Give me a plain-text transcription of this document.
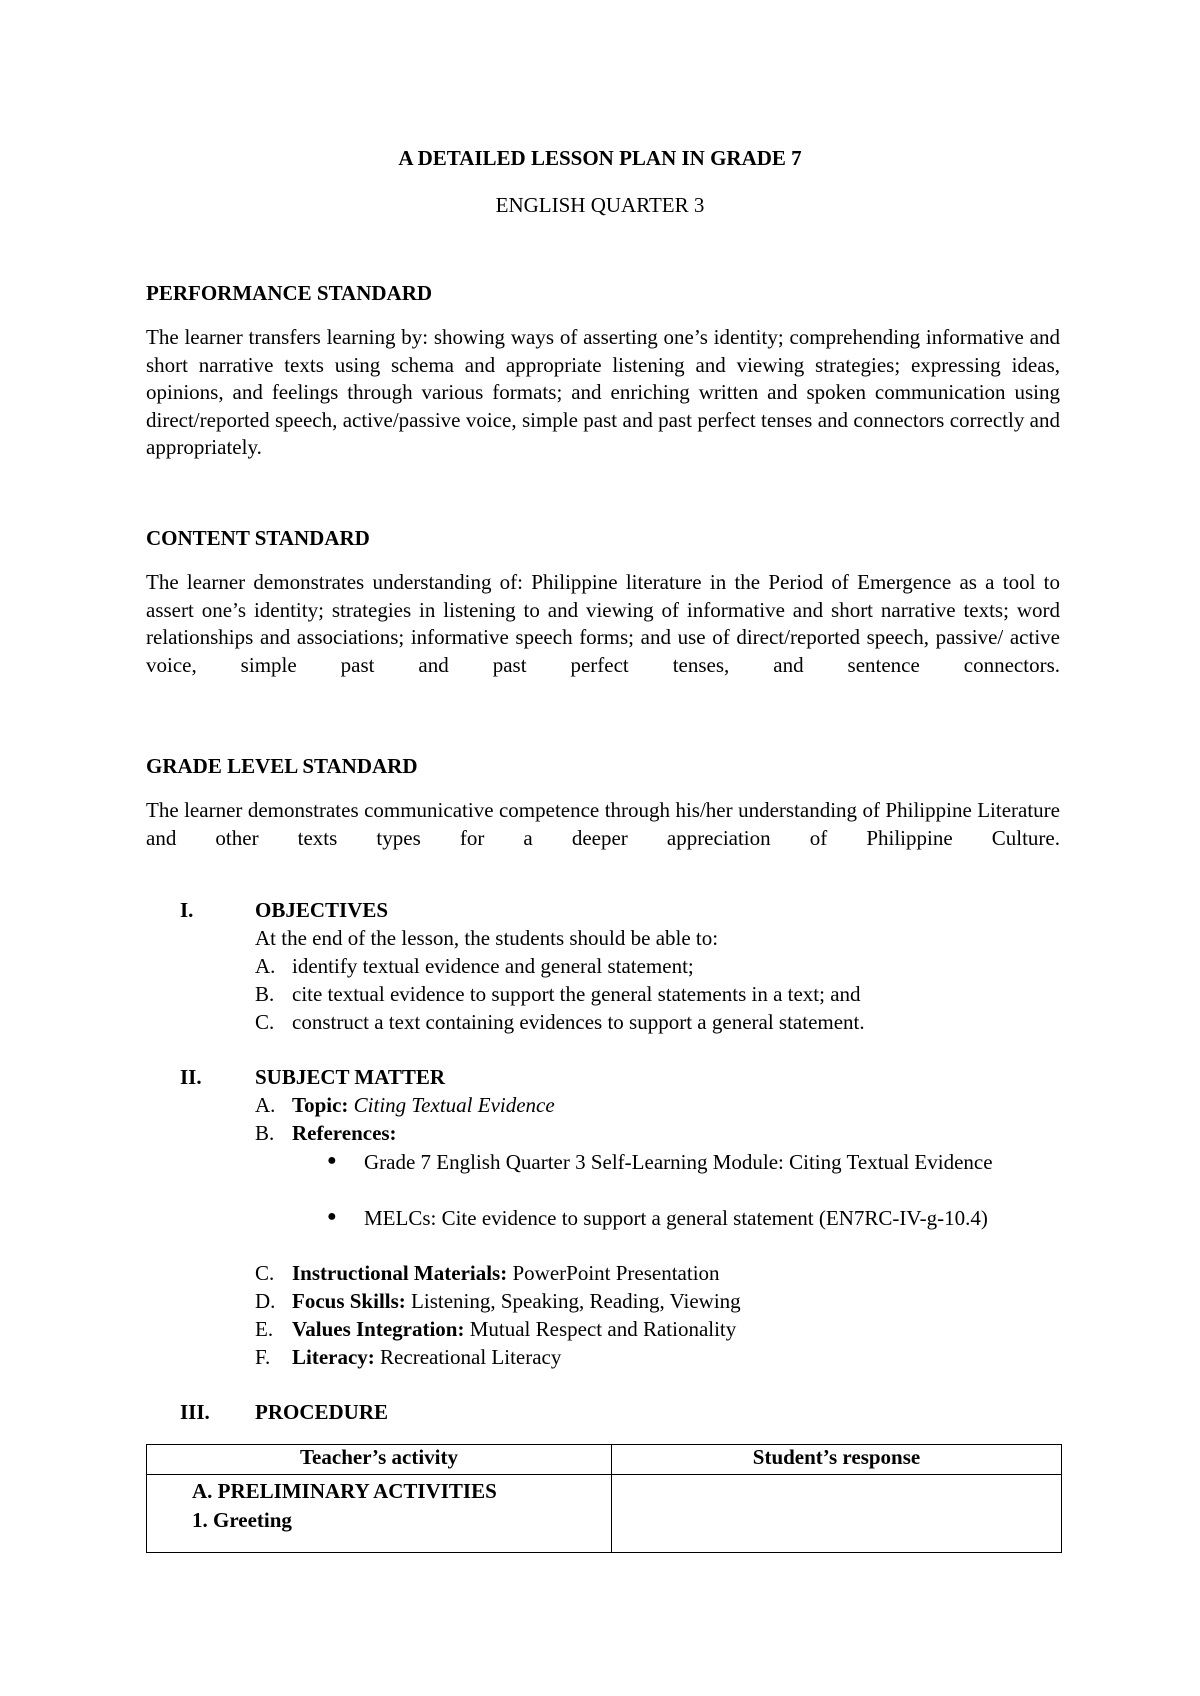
A DETAILED LESSON PLAN IN GRADE 7
ENGLISH QUARTER 3
PERFORMANCE STANDARD

The learner transfers learning by: showing ways of asserting one’s identity; comprehending informative and short narrative texts using schema and appropriate listening and viewing strategies; expressing ideas, opinions, and feelings through various formats; and enriching written and spoken communication using direct/reported speech, active/passive voice, simple past and past perfect tenses and connectors correctly and appropriately.

CONTENT STANDARD

The learner demonstrates understanding of: Philippine literature in the Period of Emergence as a tool to assert one’s identity; strategies in listening to and viewing of informative and short narrative texts; word relationships and associations; informative speech forms; and use of direct/reported speech, passive/ active voice, simple past and past perfect tenses, and sentence connectors.

GRADE LEVEL STANDARD

The learner demonstrates communicative competence through his/her understanding of Philippine Literature and other texts types for a deeper appreciation of Philippine Culture.

I.	OBJECTIVES
At the end of the lesson, the students should be able to:
A. identify textual evidence and general statement;
B. cite textual evidence to support the general statements in a text; and
C. construct a text containing evidences to support a general statement.
II.	SUBJECT MATTER
A. Topic: Citing Textual Evidence
B. References:
● Grade 7 English Quarter 3 Self-Learning Module: Citing Textual Evidence
● MELCs: Cite evidence to support a general statement (EN7RC-IV-g-10.4)
C. Instructional Materials: PowerPoint Presentation
D. Focus Skills: Listening, Speaking, Reading, Viewing
E. Values Integration: Mutual Respect and Rationality
F. Literacy: Recreational Literacy
III. PROCEDURE
Teacher’s activity	Student’s response

A. PRELIMINARY ACTIVITIES
1. Greeting	
